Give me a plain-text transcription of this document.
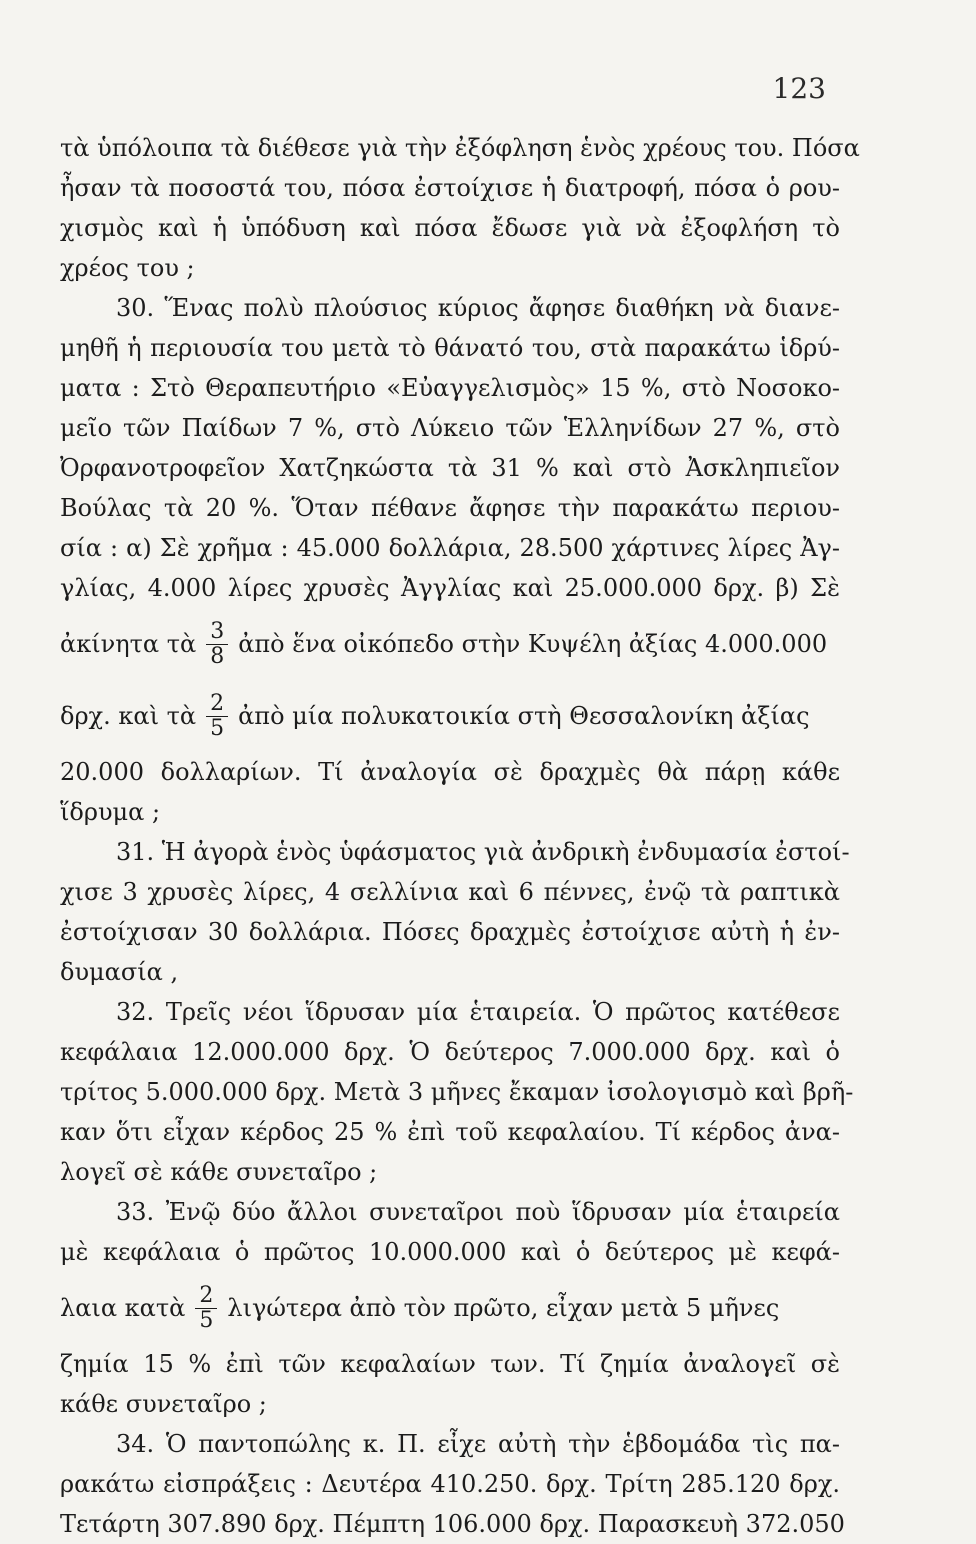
123
τὰ ὑπόλοιπα τὰ διέθεσε γιὰ τὴν ἐξόφληση ἑνὸς χρέους του. Πόσα
ἦσαν τὰ ποσοστά του, πόσα ἐστοίχισε ἡ διατροφή, πόσα ὁ ρου-
χισμὸς καὶ ἡ ὑπόδυση καὶ πόσα ἔδωσε γιὰ νὰ ἐξοφλήση τὸ
χρέος του ;
30. Ἕνας πολὺ πλούσιος κύριος ἄφησε διαθήκη νὰ διανε-
μηθῆ ἡ περιουσία του μετὰ τὸ θάνατό του, στὰ παρακάτω ἱδρύ-
ματα : Στὸ Θεραπευτήριο «Εὐαγγελισμὸς» 15 %, στὸ Νοσοκο-
μεῖο τῶν Παίδων 7 %, στὸ Λύκειο τῶν Ἑλληνίδων 27 %, στὸ
Ὀρφανοτροφεῖον Χατζηκώστα τὰ 31 % καὶ στὸ Ἀσκληπιεῖον
Βούλας τὰ 20 %. Ὅταν πέθανε ἄφησε τὴν παρακάτω περιου-
σία : α) Σὲ χρῆμα : 45.000 δολλάρια, 28.500 χάρτινες λίρες Ἀγ-
γλίας, 4.000 λίρες χρυσὲς Ἀγγλίας καὶ 25.000.000 δρχ. β) Σὲ
ἀκίνητα τὰ $\frac{3}{8}$ ἀπὸ ἕνα οἰκόπεδο στὴν Κυψέλη ἀξίας 4.000.000
δρχ. καὶ τὰ $\frac{2}{5}$ ἀπὸ μία πολυκατοικία στὴ Θεσσαλονίκη ἀξίας
20.000 δολλαρίων. Τί ἀναλογία σὲ δραχμὲς θὰ πάρῃ κάθε
ἵδρυμα ;
31. Ἡ ἀγορὰ ἑνὸς ὑφάσματος γιὰ ἀνδρικὴ ἐνδυμασία ἐστοί-
χισε 3 χρυσὲς λίρες, 4 σελλίνια καὶ 6 πέννες, ἐνῷ τὰ ραπτικὰ
ἐστοίχισαν 30 δολλάρια. Πόσες δραχμὲς ἐστοίχισε αὐτὴ ἡ ἐν-
δυμασία ,
32. Τρεῖς νέοι ἵδρυσαν μία ἑταιρεία. Ὁ πρῶτος κατέθεσε
κεφάλαια 12.000.000 δρχ. Ὁ δεύτερος 7.000.000 δρχ. καὶ ὁ
τρίτος 5.000.000 δρχ. Μετὰ 3 μῆνες ἔκαμαν ἰσολογισμὸ καὶ βρῆ-
καν ὅτι εἶχαν κέρδος 25 % ἐπὶ τοῦ κεφαλαίου. Τί κέρδος ἀνα-
λογεῖ σὲ κάθε συνεταῖρο ;
33. Ἐνῷ δύο ἄλλοι συνεταῖροι ποὺ ἵδρυσαν μία ἑταιρεία
μὲ κεφάλαια ὁ πρῶτος 10.000.000 καὶ ὁ δεύτερος μὲ κεφά-
λαια κατὰ $\frac{2}{5}$ λιγώτερα ἀπὸ τὸν πρῶτο, εἶχαν μετὰ 5 μῆνες
ζημία 15 % ἐπὶ τῶν κεφαλαίων των. Τί ζημία ἀναλογεῖ σὲ
κάθε συνεταῖρο ;
34. Ὁ παντοπώλης κ. Π. εἶχε αὐτὴ τὴν ἑβδομάδα τὶς πα-
ρακάτω εἰσπράξεις : Δευτέρα 410.250. δρχ. Τρίτη 285.120 δρχ.
Τετάρτη 307.890 δρχ. Πέμπτη 106.000 δρχ. Παρασκευὴ 372.050
